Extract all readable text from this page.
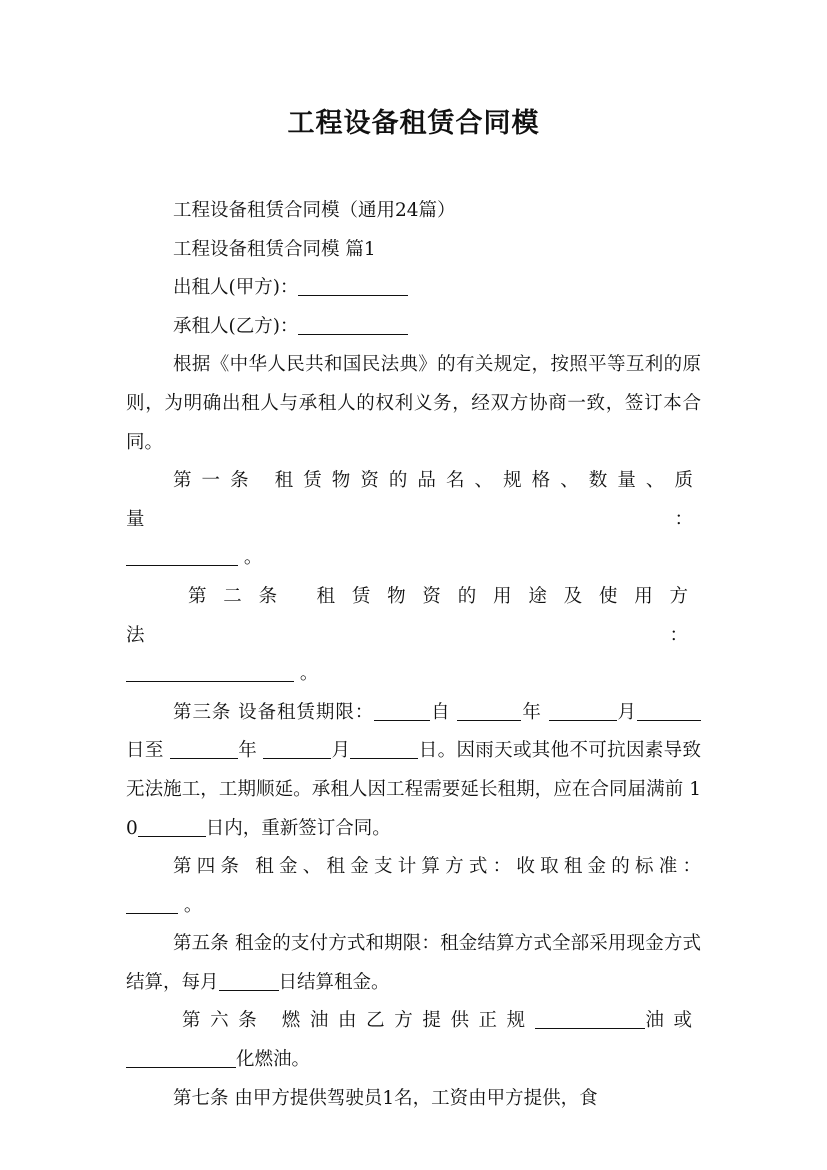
工程设备租赁合同模
工程设备租赁合同模（通用24篇）
工程设备租赁合同模 篇1
出租人(甲方)：
承租人(乙方)：
根据《中华人民共和国民法典》的有关规定，按照平等互利的原则，为明确出租人与承租人的权利义务，经双方协商一致，签订本合同。
第一条 租赁物资的品名、规格、数量、质量：
。
第二条 租赁物资的用途及使用方法：
。
第三条 设备租赁期限：	自	年	月日至	年	月	日。因雨天或其他不可抗因素导致无法施工，工期顺延。承租人因工程需要延长租期，应在合同届满前 10	日内，重新签订合同。
第四条 租金、租金支计算方式：收取租金的标准：
。
第五条 租金的支付方式和期限：租金结算方式全部采用现金方式结算，每月	日结算租金。
第六条 燃油由乙方提供正规	油或
化燃油。
第七条 由甲方提供驾驶员1名，工资由甲方提供，食
